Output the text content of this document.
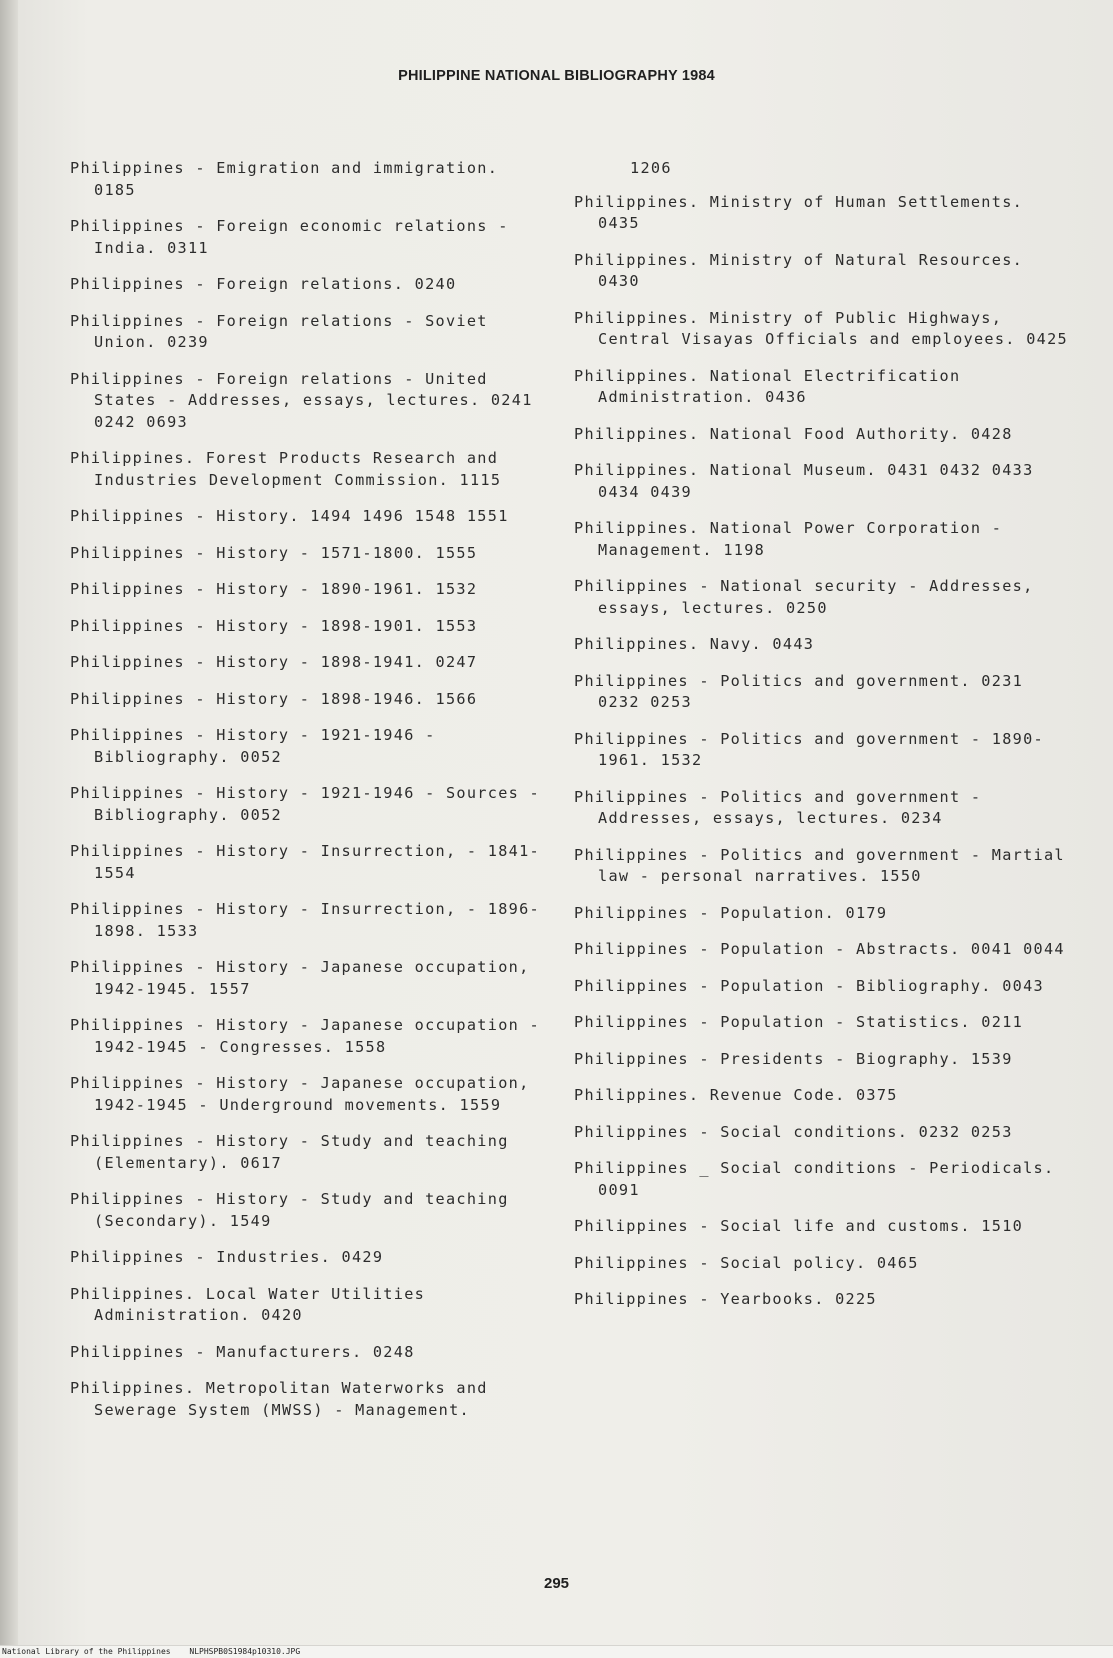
PHILIPPINE NATIONAL BIBLIOGRAPHY 1984
Philippines - Emigration and immigration. 0185
Philippines - Foreign economic relations - India. 0311
Philippines - Foreign relations. 0240
Philippines - Foreign relations - Soviet Union. 0239
Philippines - Foreign relations - United States - Addresses, essays, lectures. 0241 0242 0693
Philippines. Forest Products Research and Industries Development Commission. 1115
Philippines - History. 1494 1496 1548 1551
Philippines - History - 1571-1800. 1555
Philippines - History - 1890-1961. 1532
Philippines - History - 1898-1901. 1553
Philippines - History - 1898-1941. 0247
Philippines - History - 1898-1946. 1566
Philippines - History - 1921-1946 - Bibliography. 0052
Philippines - History - 1921-1946 - Sources - Bibliography. 0052
Philippines - History - Insurrection, - 1841- 1554
Philippines - History - Insurrection, - 1896-1898. 1533
Philippines - History - Japanese occupation, 1942-1945. 1557
Philippines - History - Japanese occupation - 1942-1945 - Congresses. 1558
Philippines - History - Japanese occupation, 1942-1945 - Underground movements. 1559
Philippines - History - Study and teaching (Elementary). 0617
Philippines - History - Study and teaching (Secondary). 1549
Philippines - Industries. 0429
Philippines. Local Water Utilities Administration. 0420
Philippines - Manufacturers. 0248
Philippines. Metropolitan Waterworks and Sewerage System (MWSS) - Management.
1206
Philippines. Ministry of Human Settlements. 0435
Philippines. Ministry of Natural Resources. 0430
Philippines. Ministry of Public Highways, Central Visayas Officials and employees. 0425
Philippines. National Electrification Administration. 0436
Philippines. National Food Authority. 0428
Philippines. National Museum. 0431 0432 0433 0434 0439
Philippines. National Power Corporation - Management. 1198
Philippines - National security - Addresses, essays, lectures. 0250
Philippines. Navy. 0443
Philippines - Politics and government. 0231 0232 0253
Philippines - Politics and government - 1890-1961. 1532
Philippines - Politics and government - Addresses, essays, lectures. 0234
Philippines - Politics and government - Martial law - personal narratives. 1550
Philippines - Population. 0179
Philippines - Population - Abstracts. 0041 0044
Philippines - Population - Bibliography. 0043
Philippines - Population - Statistics. 0211
Philippines - Presidents - Biography. 1539
Philippines. Revenue Code. 0375
Philippines - Social conditions. 0232 0253
Philippines _ Social conditions - Periodicals. 0091
Philippines - Social life and customs. 1510
Philippines - Social policy. 0465
Philippines - Yearbooks. 0225
295
National Library of the Philippines NLPHSPB0S1984p10310.JPG
